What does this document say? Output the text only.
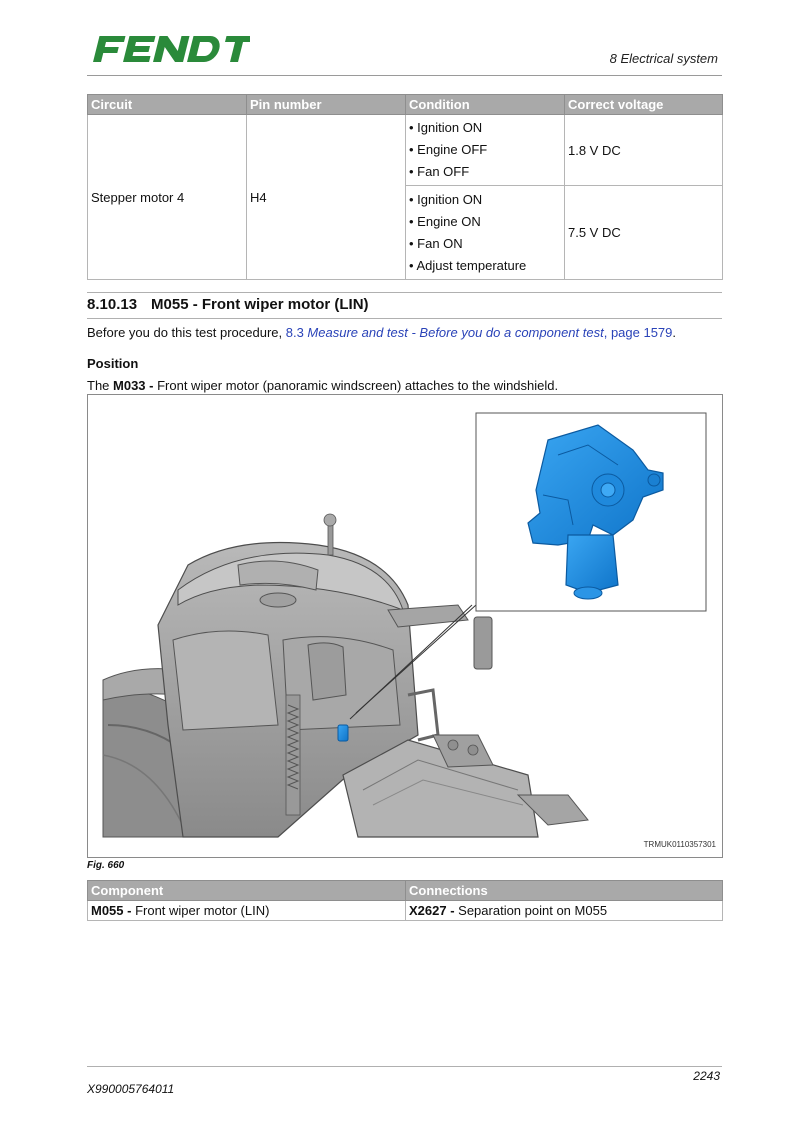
8 Electrical system
Circuit	Pin number	Condition	Correct voltage
Stepper motor 4	H4	• Ignition ON
• Engine OFF
• Fan OFF	1.8 V DC

		• Ignition ON
• Engine ON
• Fan ON
• Adjust temperature	7.5 V DC
8.10.13 M055 - Front wiper motor (LIN)
Before you do this test procedure, 8.3 Measure and test - Before you do a component test, page 1579.
Position
The M033 - Front wiper motor (panoramic windscreen) attaches to the windshield.
TRMUK0110357301
Fig. 660
Component	Connections
M055 - Front wiper motor (LIN)	X2627 - Separation point on M055
2243
X990005764011
